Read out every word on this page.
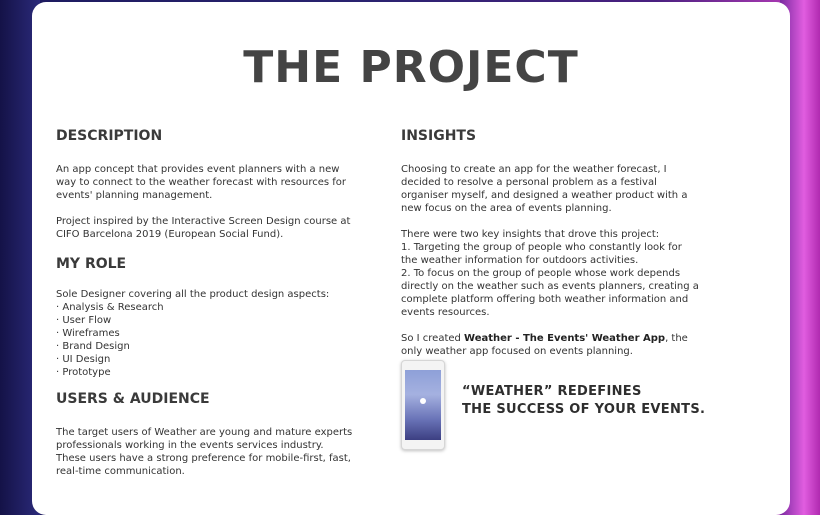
THE PROJECT
DESCRIPTION

An app concept that provides event planners with a new way to connect to the weather forecast with resources for events' planning management.

Project inspired by the Interactive Screen Design course at CIFO Barcelona 2019 (European Social Fund).

MY ROLE
Sole Designer covering all the product design aspects:
· Analysis & Research
· User Flow
· Wireframes
· Brand Design
· UI Design
· Prototype
USERS & AUDIENCE

The target users of Weather are young and mature experts professionals working in the events services industry. These users have a strong preference for mobile-first, fast, real-time communication.

INSIGHTS

Choosing to create an app for the weather forecast, I decided to resolve a personal problem as a festival organiser myself, and designed a weather product with a new focus on the area of events planning.

There were two key insights that drove this project:
1. Targeting the group of people who constantly look for the weather information for outdoors activities.

2. To focus on the group of people whose work depends directly on the weather such as events planners, creating a complete platform offering both weather information and events resources.

So I created Weather - The Events' Weather App, the only weather app focused on events planning.

“WEATHER” REDEFINES
THE SUCCESS OF YOUR EVENTS.
